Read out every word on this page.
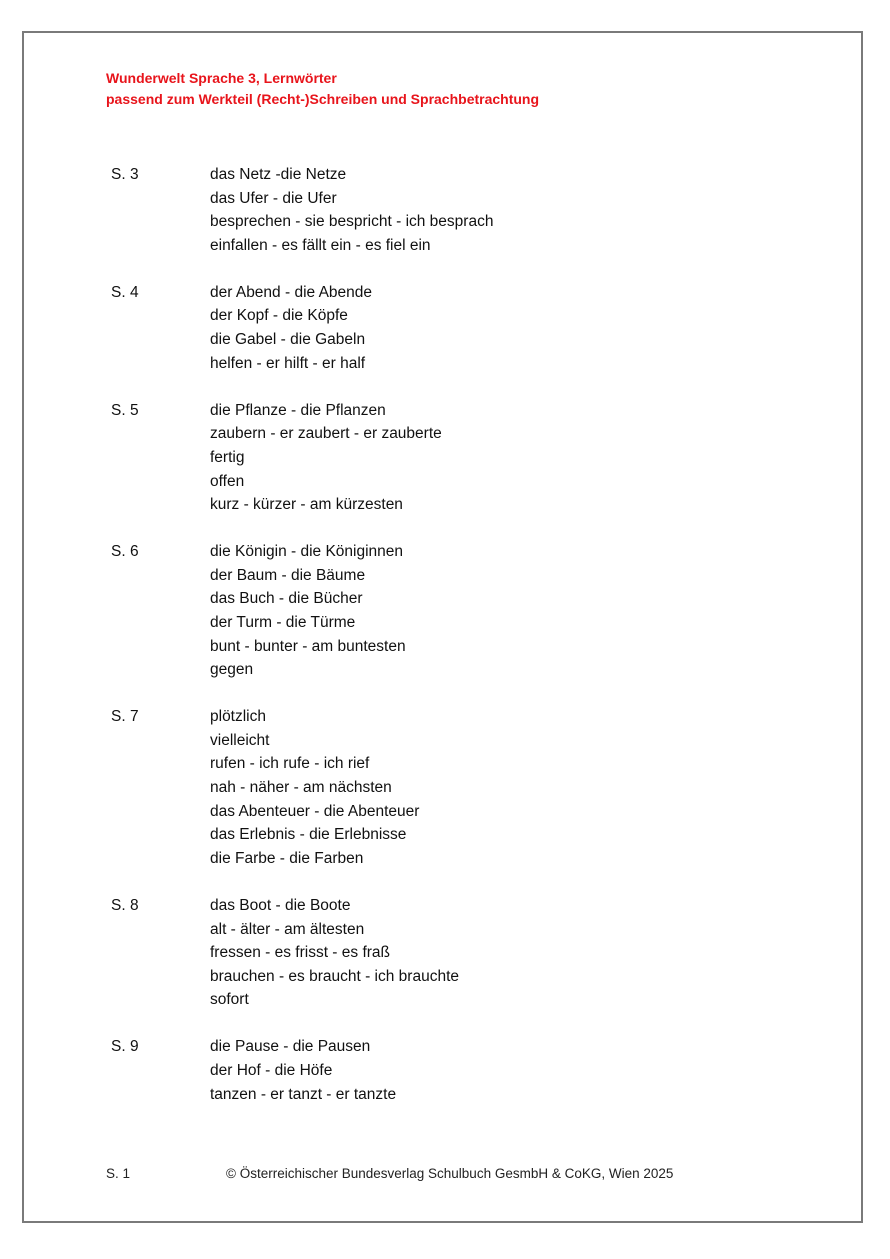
Wunderwelt Sprache 3, Lernwörter
passend zum Werkteil (Recht-)Schreiben und Sprachbetrachtung
S. 3	das Netz -die Netze
das Ufer - die Ufer
besprechen - sie bespricht - ich besprach
einfallen - es fällt ein - es fiel ein
S. 4	der Abend - die Abende
der Kopf - die Köpfe
die Gabel - die Gabeln
helfen - er hilft - er half
S. 5	die Pflanze - die Pflanzen
zaubern - er zaubert - er zauberte
fertig
offen
kurz - kürzer - am kürzesten
S. 6	die Königin - die Königinnen
der Baum - die Bäume
das Buch - die Bücher
der Turm - die Türme
bunt - bunter - am buntesten
gegen
S. 7	plötzlich
vielleicht
rufen - ich rufe - ich rief
nah - näher - am nächsten
das Abenteuer - die Abenteuer
das Erlebnis - die Erlebnisse
die Farbe - die Farben
S. 8	das Boot - die Boote
alt - älter - am ältesten
fressen - es frisst - es fraß
brauchen - es braucht - ich brauchte
sofort
S. 9	die Pause - die Pausen
der Hof - die Höfe
tanzen - er tanzt - er tanzte
S. 1	© Österreichischer Bundesverlag Schulbuch GesmbH & CoKG, Wien 2025
